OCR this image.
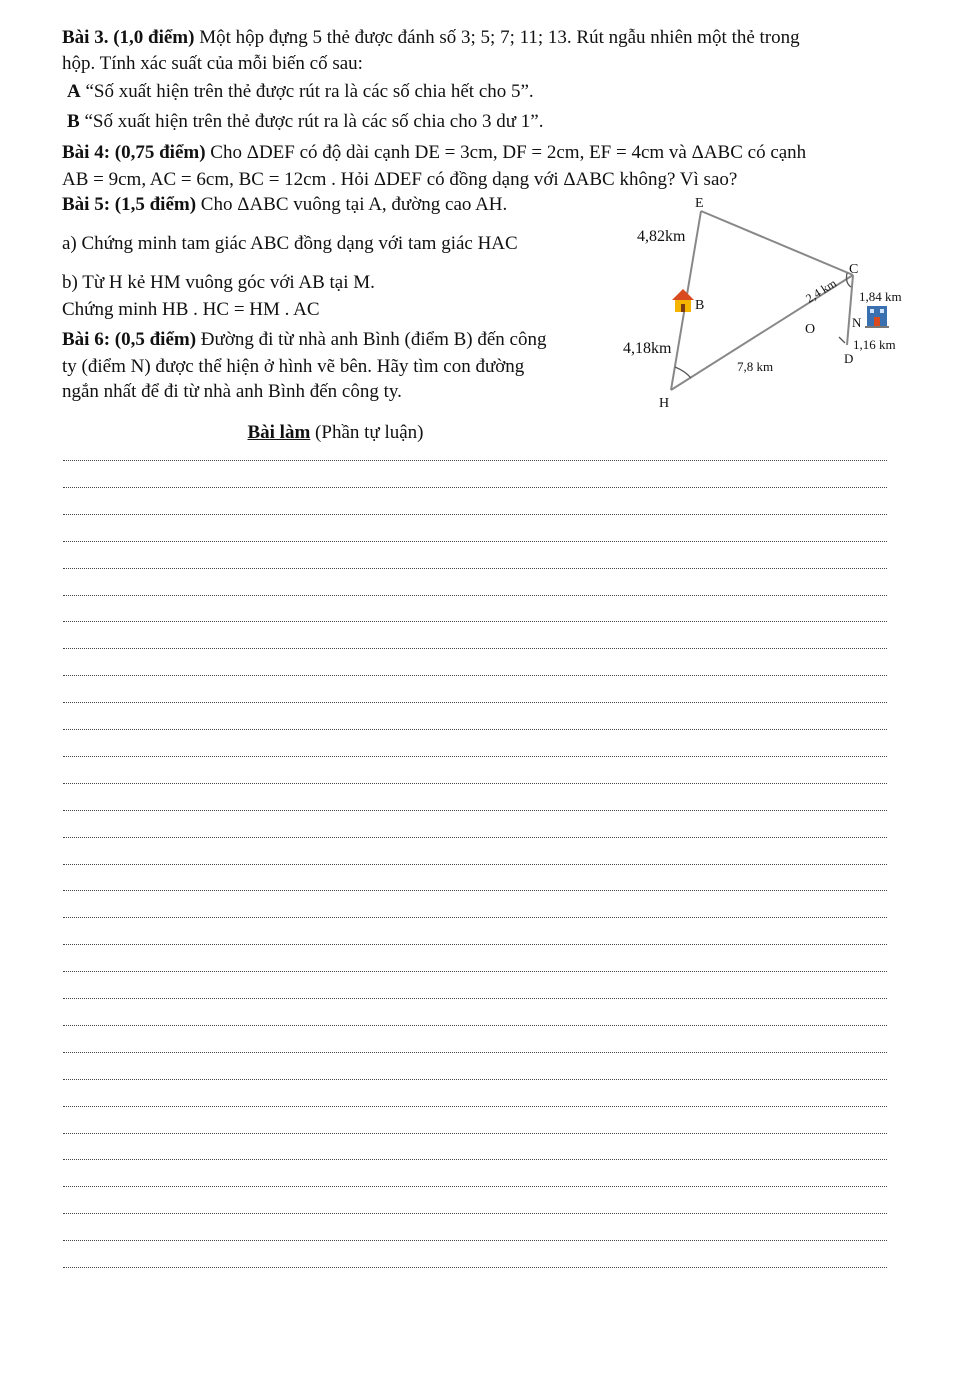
Bài 3. (1,0 điểm) Một hộp đựng 5 thẻ được đánh số 3; 5; 7; 11; 13. Rút ngẫu nhiên một thẻ trong
hộp. Tính xác suất của mỗi biến cố sau:
A “Số xuất hiện trên thẻ được rút ra là các số chia hết cho 5”.
B “Số xuất hiện trên thẻ được rút ra là các số chia cho 3 dư 1”.
Bài 4: (0,75 điểm) Cho ΔDEF có độ dài cạnh DE = 3cm, DF = 2cm, EF = 4cm và ΔABC có cạnh
AB = 9cm, AC = 6cm, BC = 12cm . Hỏi ΔDEF có đồng dạng với ΔABC không? Vì sao?
Bài 5: (1,5 điểm) Cho ΔABC vuông tại A, đường cao AH.
a) Chứng minh tam giác ABC đồng dạng với tam giác HAC
b) Từ H kẻ HM vuông góc với AB tại M.
Chứng minh HB . HC = HM . AC
Bài 6: (0,5 điểm) Đường đi từ nhà anh Bình (điểm B) đến công
ty (điểm N) được thể hiện ở hình vẽ bên. Hãy tìm con đường
ngắn nhất để đi từ nhà anh Bình đến công ty.
E
C
B
O	N
D
H
4,82km
4,18km
2,4 km 1,84 km
1,16 km
7,8 km
Bài làm (Phần tự luận)
